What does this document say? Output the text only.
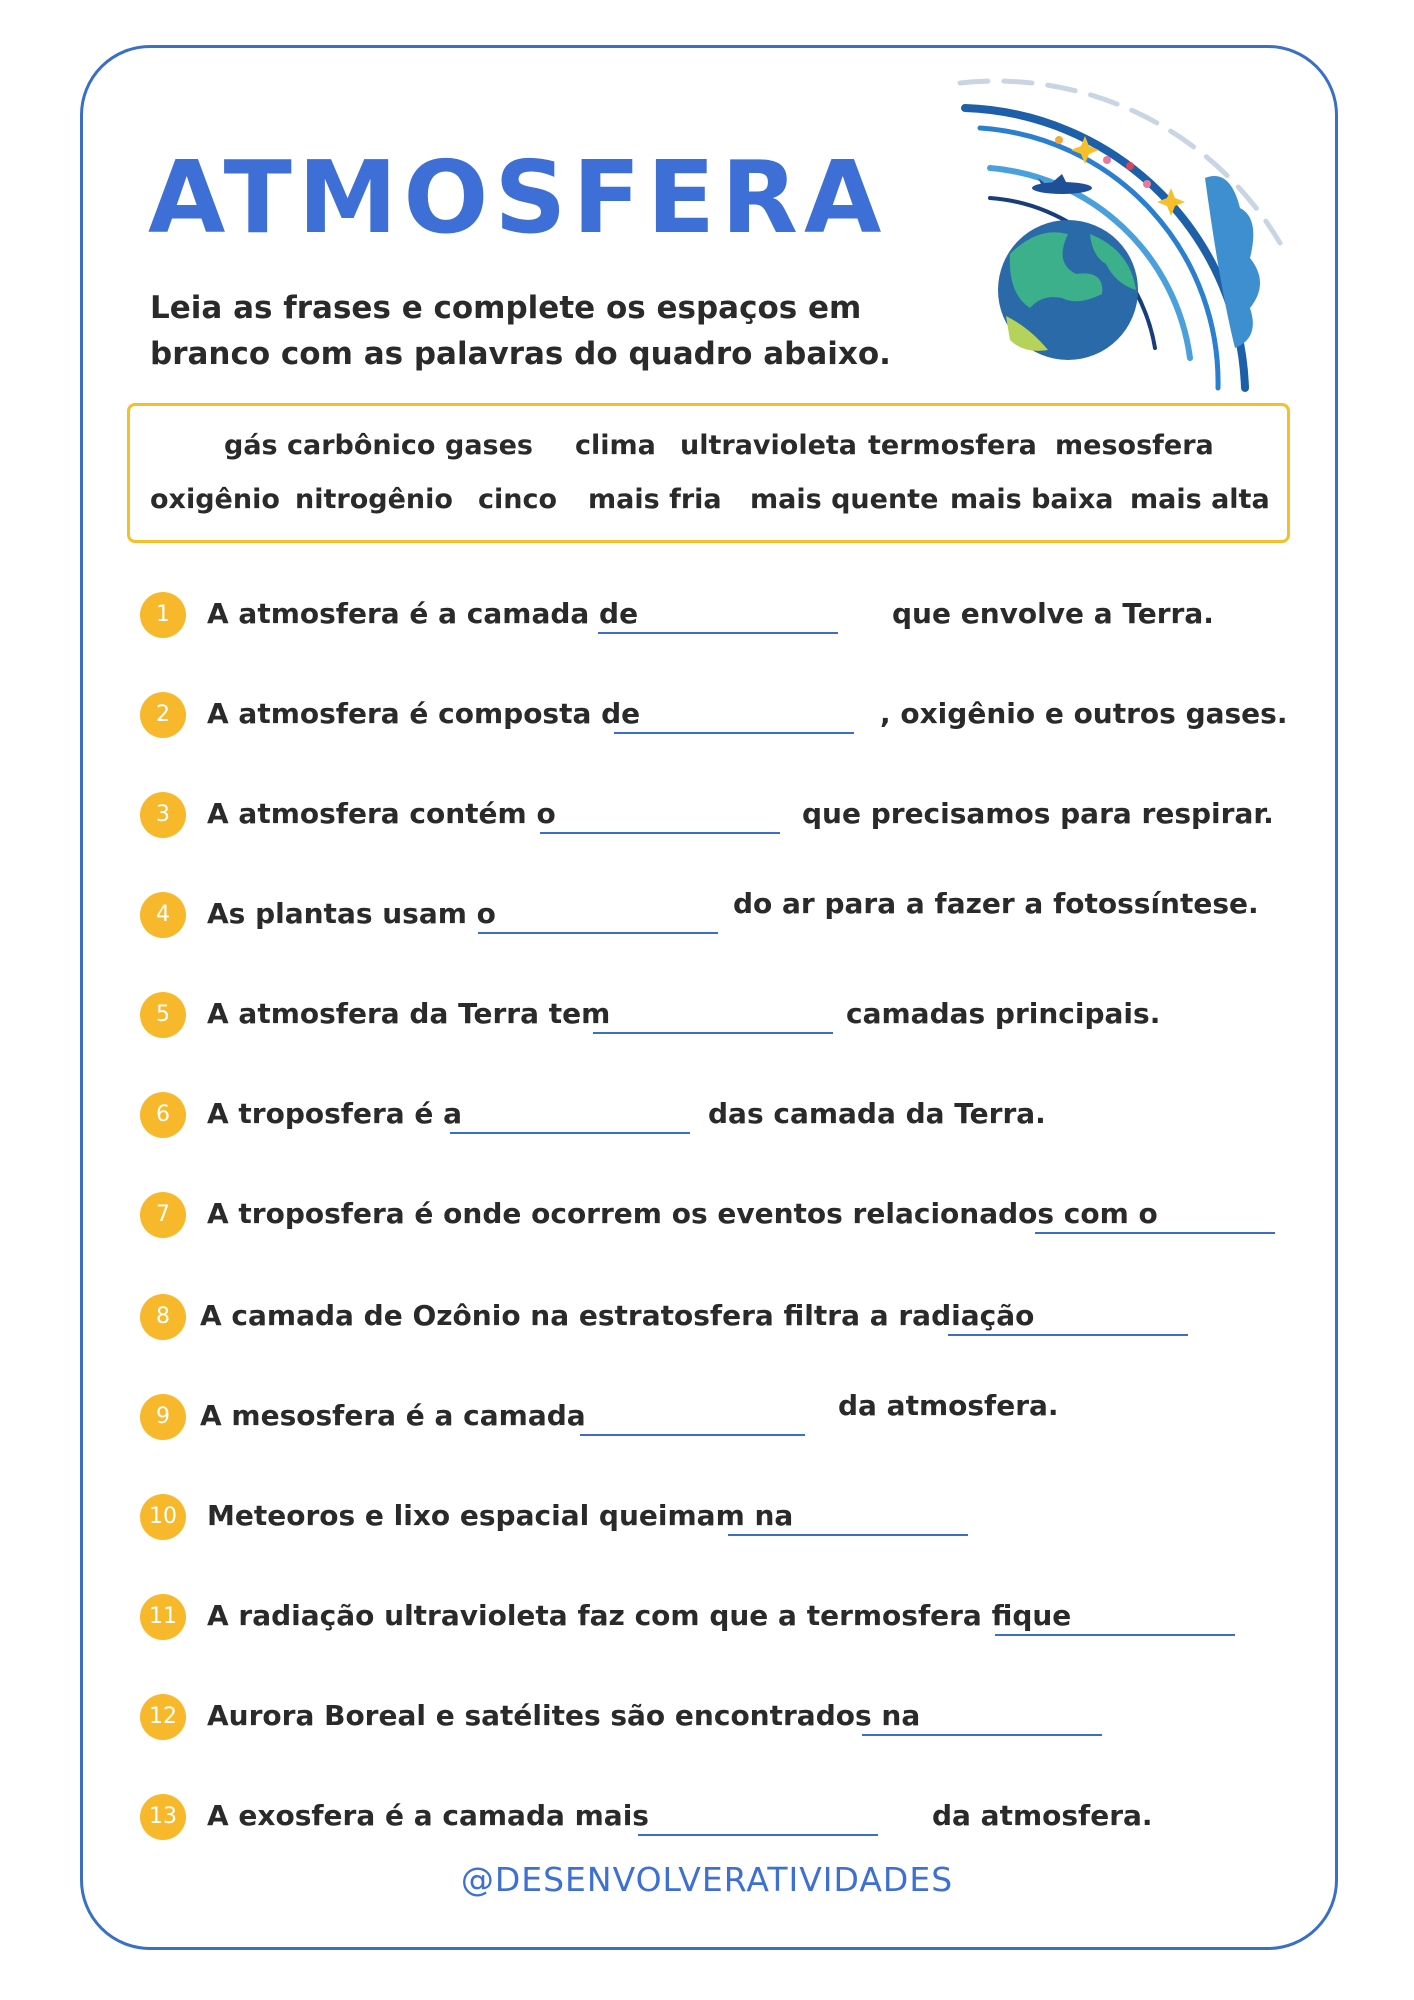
ATMOSFERA
Leia as frases e complete os espaços em
branco com as palavras do quadro abaixo.
gás carbônico gases clima ultravioleta termosfera mesosfera
oxigênio nitrogênio cinco mais fria mais quente mais baixa mais alta
1	A atmosfera é a camada de	que envolve a Terra.
2	A atmosfera é composta de	, oxigênio e outros gases.
3	A atmosfera contém o	que precisamos para respirar.
4	As plantas usam o	do ar para a fazer a fotossíntese.
5	A atmosfera da Terra tem	camadas principais.
6	A troposfera é a	das camada da Terra.
7	A troposfera é onde ocorrem os eventos relacionados com o
8	A camada de Ozônio na estratosfera filtra a radiação
9	A mesosfera é a camada	da atmosfera.
10	Meteoros e lixo espacial queimam na
11	A radiação ultravioleta faz com que a termosfera fique
12	Aurora Boreal e satélites são encontrados na
13	A exosfera é a camada mais	da atmosfera.
@DESENVOLVERATIVIDADES
